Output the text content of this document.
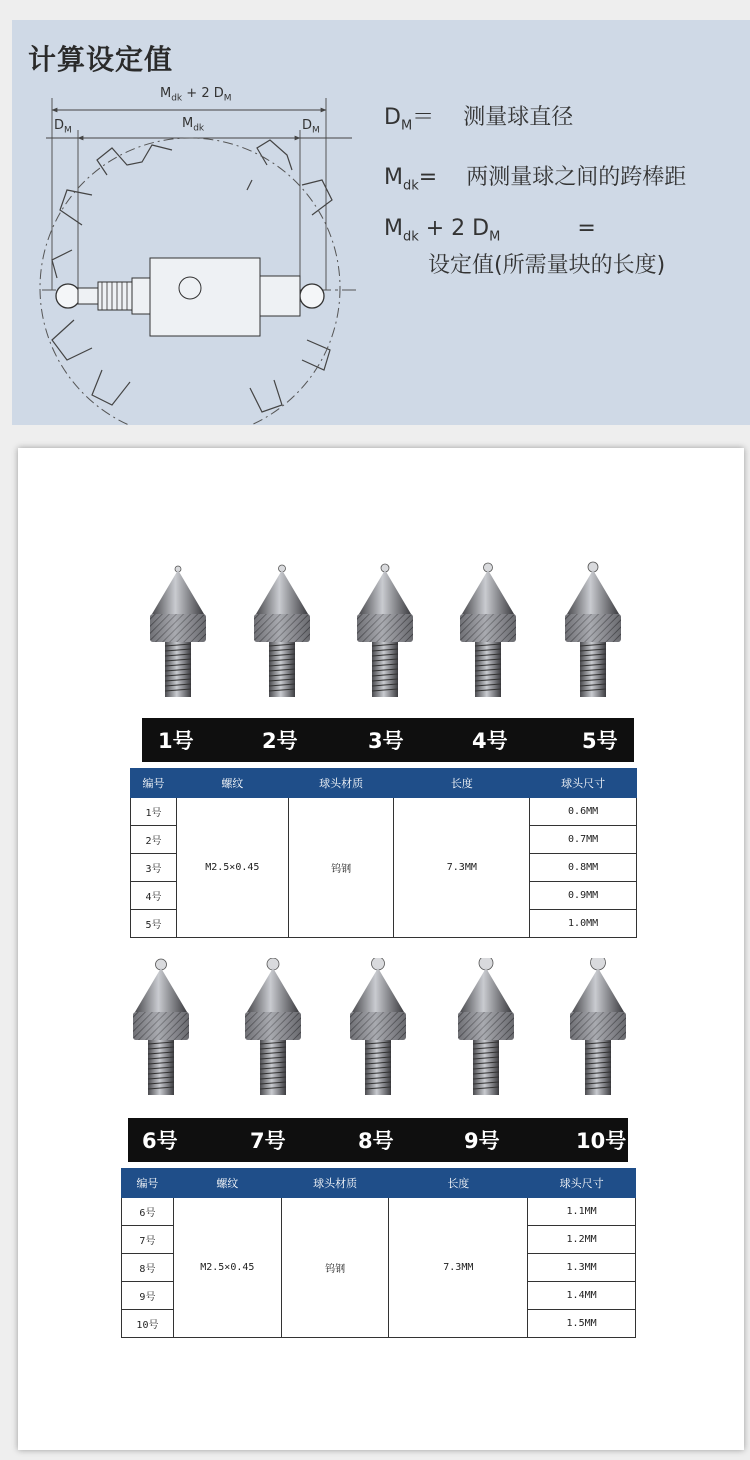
计算设定值
$M_{dk} + 2$ $D_M$
$D_M$	$M_{dk}$	$D_M$
$D_M=$ 测量球直径
$M_{dk}=$ 两测量球之间的跨棒距
$M_{dk} + 2$ $D_M$	=
设定值(所需量块的长度)
1号	2号	3号	4号	5号
编号	螺纹	球头材质	长度	球头尺寸
1号	M2.5×0.45	钨钢	7.3MM	0.6MM
2号				0.7MM
3号				0.8MM
4号				0.9MM
5号				1.0MM
6号	7号	8号	9号	10号
编号	螺纹	球头材质	长度	球头尺寸
6号	M2.5×0.45	钨钢	7.3MM	1.1MM
7号				1.2MM
8号				1.3MM
9号				1.4MM
10号				1.5MM
